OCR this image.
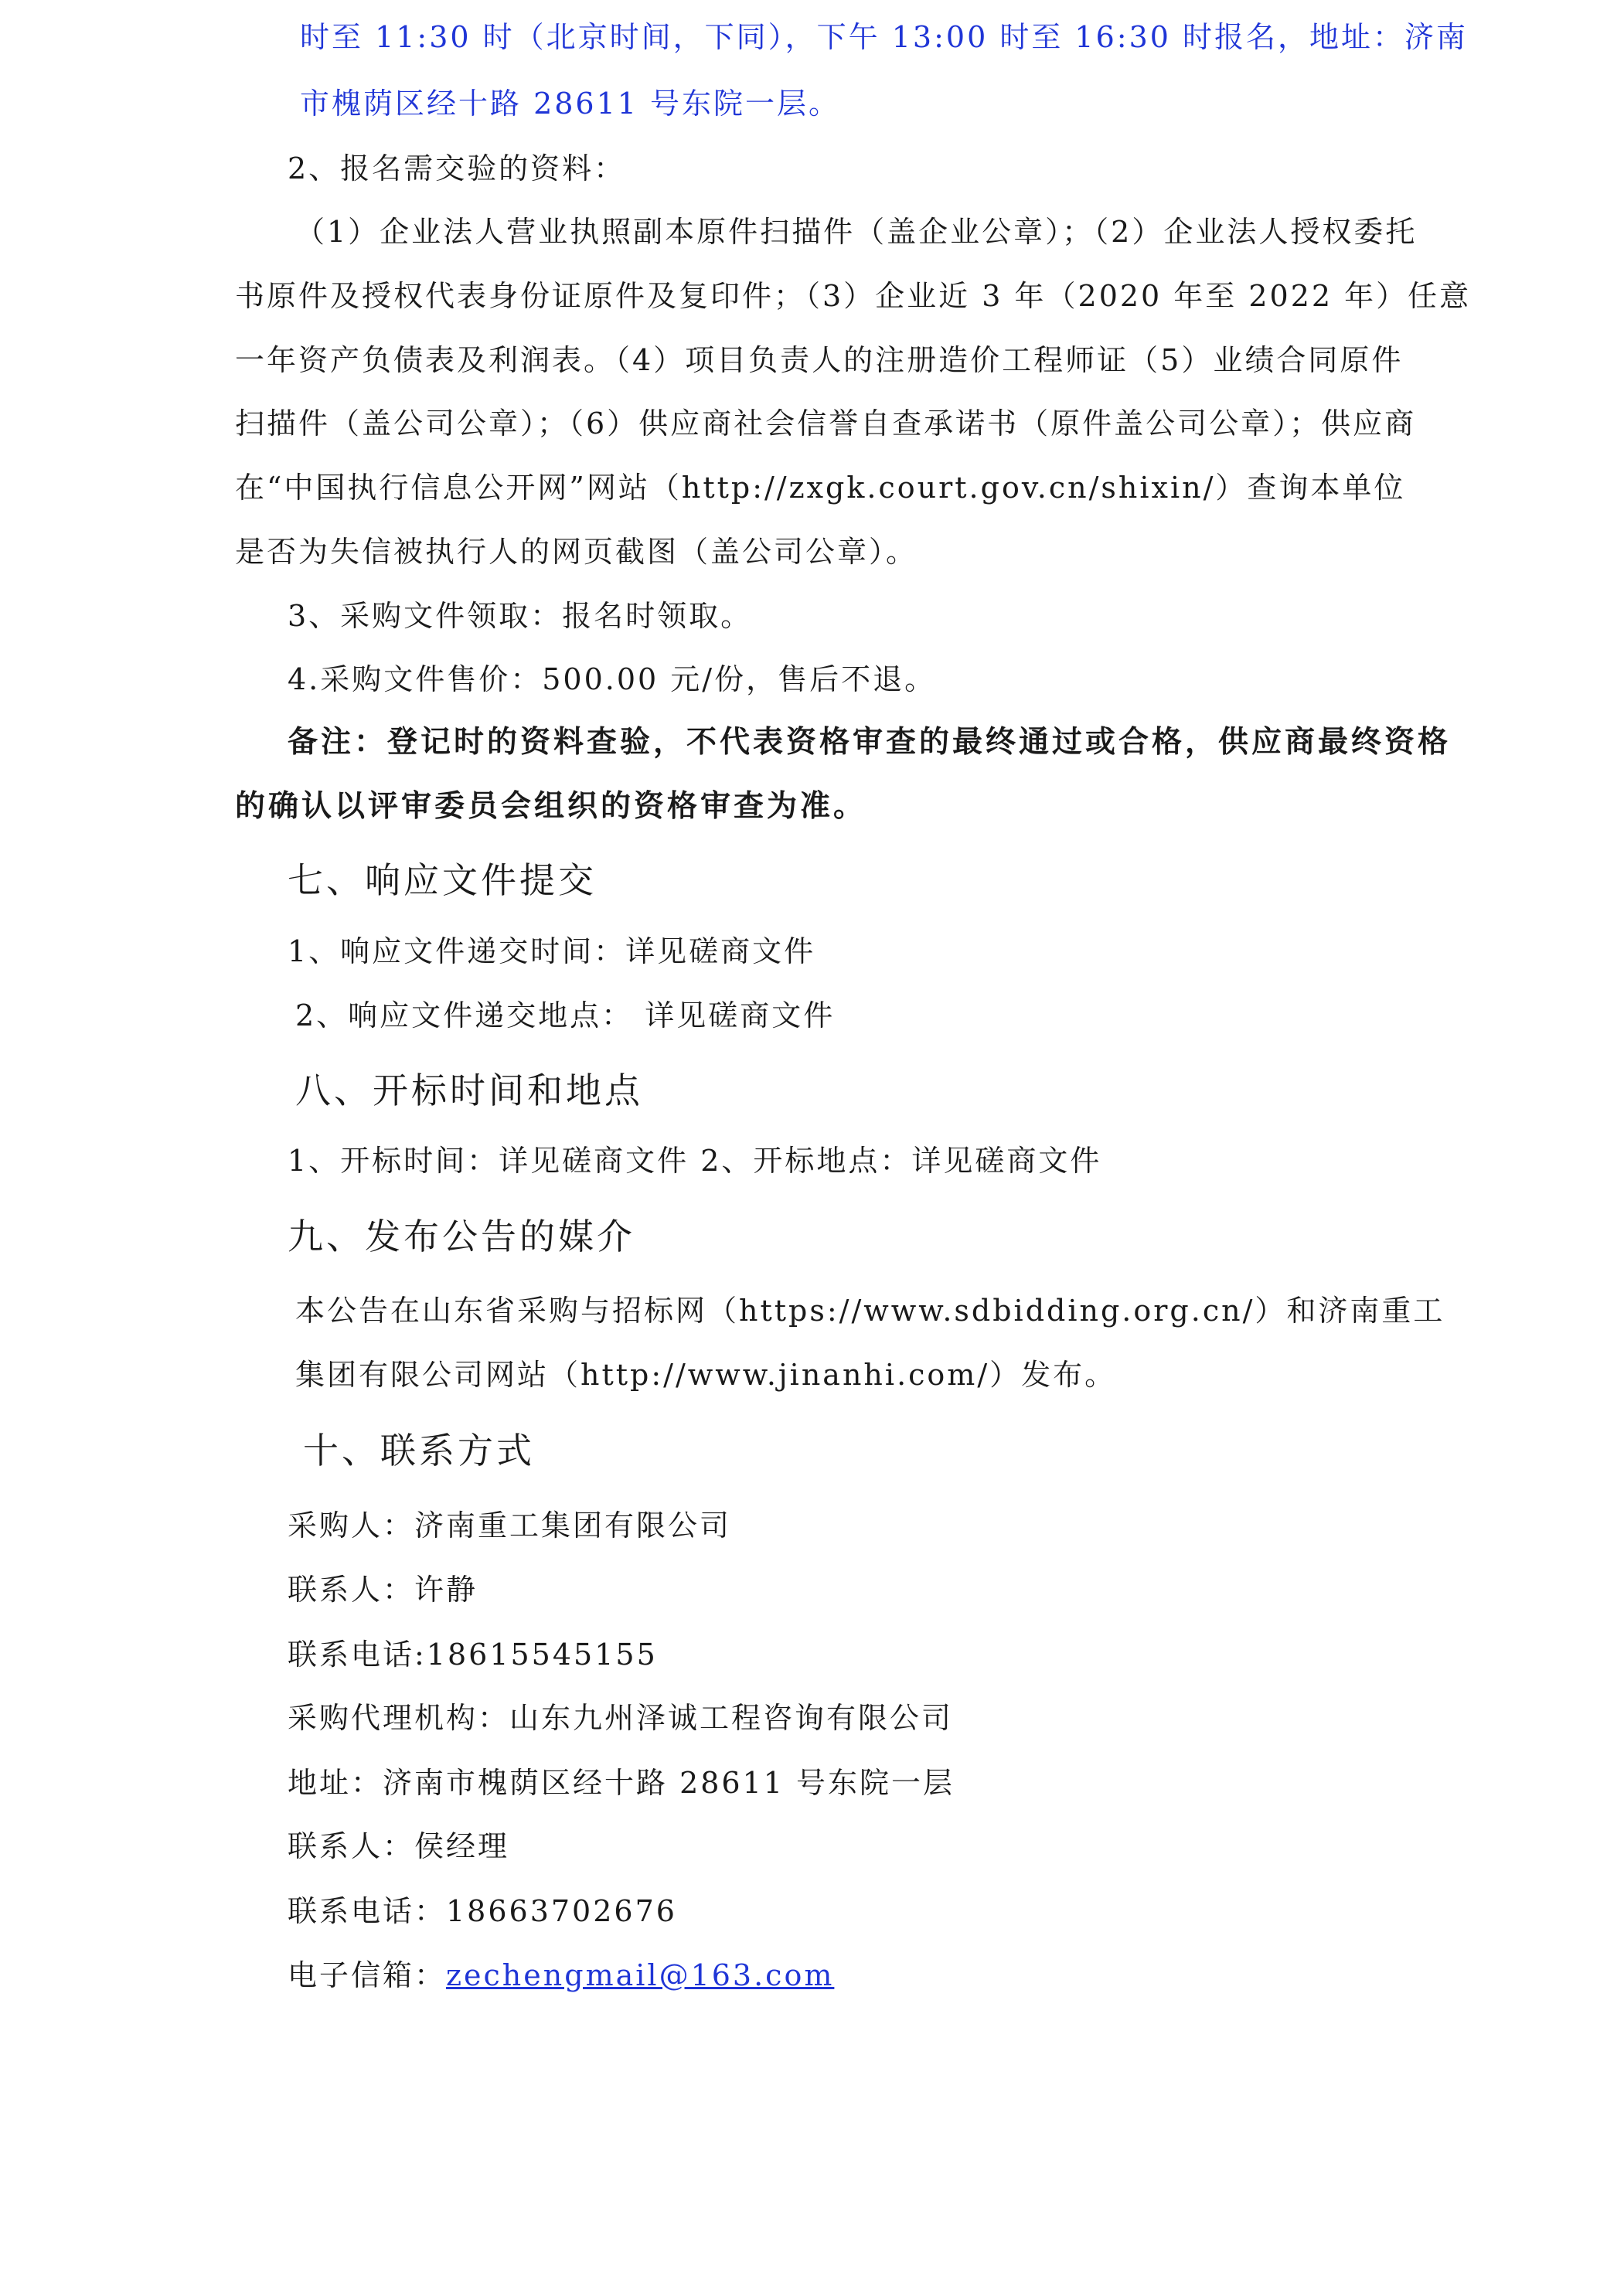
时至 11:30 时（北京时间，下同），下午 13:00 时至 16:30 时报名，地址：济南
市槐荫区经十路 28611 号东院一层。
2、报名需交验的资料：
（1）企业法人营业执照副本原件扫描件（盖企业公章）；（2）企业法人授权委托
书原件及授权代表身份证原件及复印件；（3）企业近 3 年（2020 年至 2022 年）任意
一年资产负债表及利润表。（4）项目负责人的注册造价工程师证（5）业绩合同原件
扫描件（盖公司公章）；（6）供应商社会信誉自查承诺书（原件盖公司公章）；供应商
在“中国执行信息公开网”网站（http://zxgk.court.gov.cn/shixin/）查询本单位
是否为失信被执行人的网页截图（盖公司公章）。
3、采购文件领取：报名时领取。
4.采购文件售价：500.00 元/份，售后不退。
备注：登记时的资料查验，不代表资格审查的最终通过或合格，供应商最终资格
的确认以评审委员会组织的资格审查为准。
七、响应文件提交
1、响应文件递交时间：详见磋商文件
2、响应文件递交地点： 详见磋商文件
八、开标时间和地点
1、开标时间：详见磋商文件 2、开标地点：详见磋商文件
九、发布公告的媒介
本公告在山东省采购与招标网（https://www.sdbidding.org.cn/）和济南重工
集团有限公司网站（http://www.jinanhi.com/）发布。
十、联系方式
采购人：济南重工集团有限公司
联系人：许静
联系电话:18615545155
采购代理机构：山东九州泽诚工程咨询有限公司
地址：济南市槐荫区经十路 28611 号东院一层
联系人：侯经理
联系电话：18663702676
电子信箱：zechengmail@163.com
